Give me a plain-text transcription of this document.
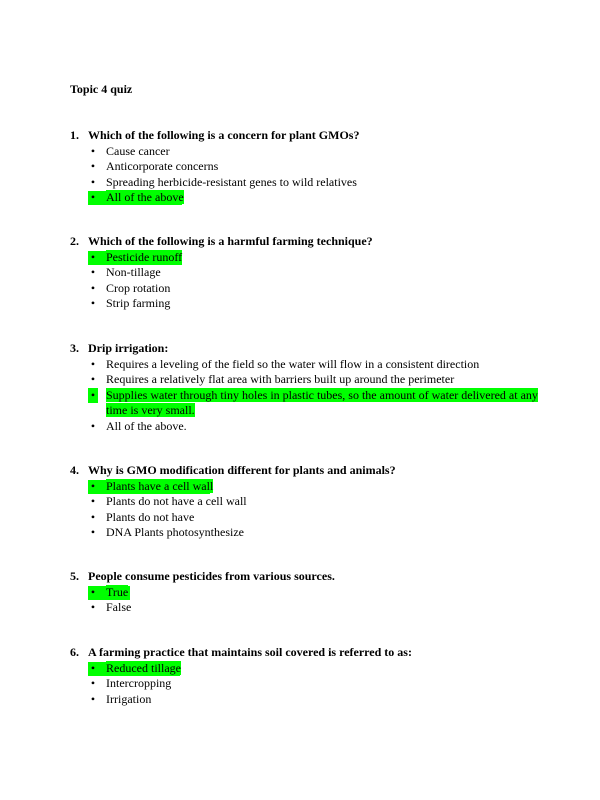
Topic 4 quiz
1. Which of the following is a concern for plant GMOs?
• Cause cancer
• Anticorporate concerns
• Spreading herbicide-resistant genes to wild relatives
• All of the above
2. Which of the following is a harmful farming technique?
• Pesticide runoff
• Non-tillage
• Crop rotation
• Strip farming
3. Drip irrigation:
• Requires a leveling of the field so the water will flow in a consistent direction
• Requires a relatively flat area with barriers built up around the perimeter
• Supplies water through tiny holes in plastic tubes, so the amount of water delivered at any time is very small.
• All of the above.
4. Why is GMO modification different for plants and animals?
• Plants have a cell wall
• Plants do not have a cell wall
• Plants do not have
• DNA Plants photosynthesize
5. People consume pesticides from various sources.
• True
• False
6. A farming practice that maintains soil covered is referred to as:
• Reduced tillage
• Intercropping
• Irrigation
